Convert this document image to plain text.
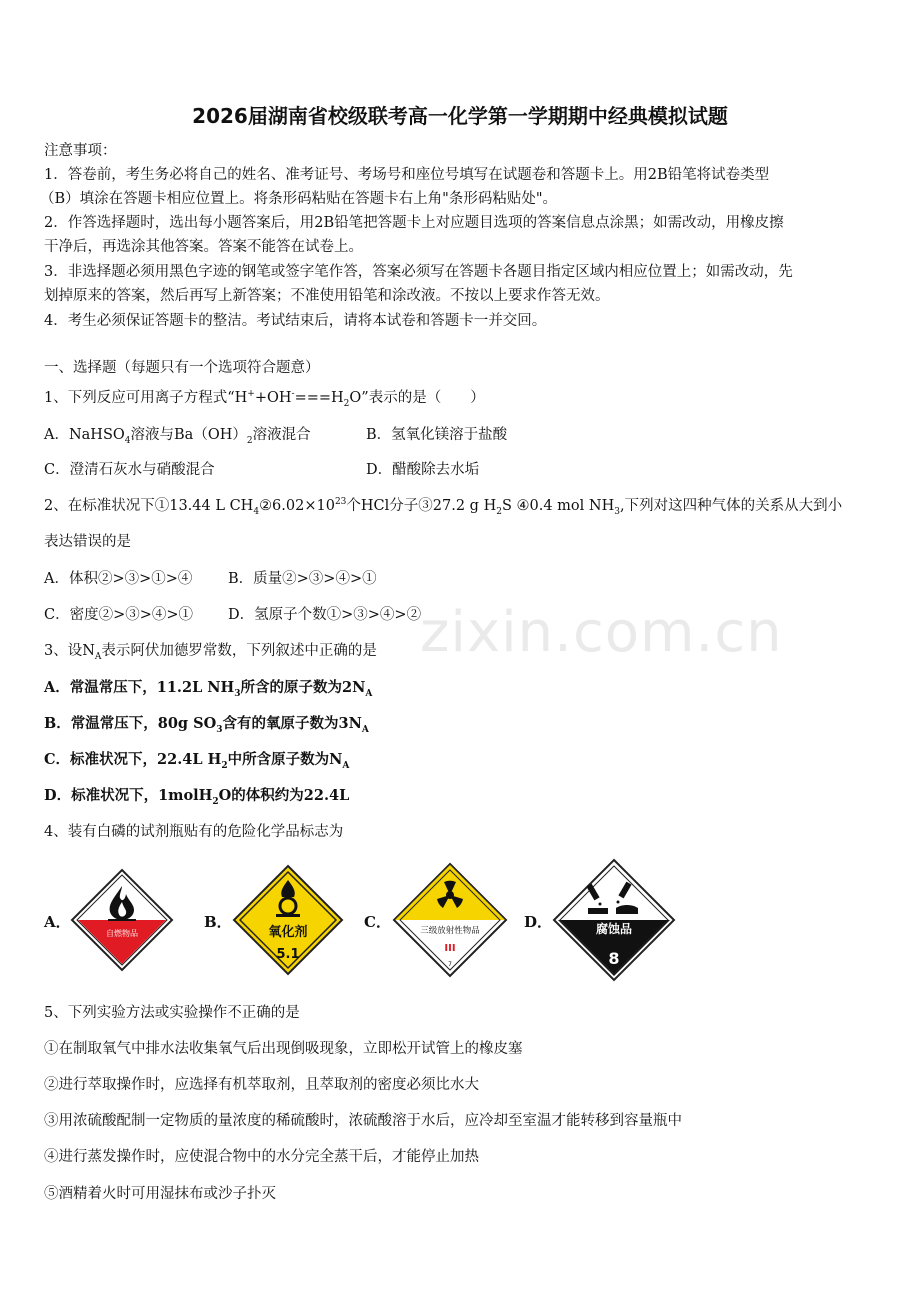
zixin.com.cn
2026届湖南省校级联考高一化学第一学期期中经典模拟试题
注意事项：
1．答卷前，考生务必将自己的姓名、准考证号、考场号和座位号填写在试题卷和答题卡上。用2B铅笔将试卷类型
（B）填涂在答题卡相应位置上。将条形码粘贴在答题卡右上角"条形码粘贴处"。
2．作答选择题时，选出每小题答案后，用2B铅笔把答题卡上对应题目选项的答案信息点涂黑；如需改动，用橡皮擦
干净后，再选涂其他答案。答案不能答在试卷上。
3．非选择题必须用黑色字迹的钢笔或签字笔作答，答案必须写在答题卡各题目指定区域内相应位置上；如需改动，先
划掉原来的答案，然后再写上新答案；不准使用铅笔和涂改液。不按以上要求作答无效。
4．考生必须保证答题卡的整洁。考试结束后，请将本试卷和答题卡一并交回。
一、选择题（每题只有一个选项符合题意）
1、下列反应可用离子方程式“$H^++OH^-===H_2O$”表示的是（　　）
A．NaHSO$_4$溶液与$Ba(OH)_2$溶液混合	B．氢氧化镁溶于盐酸
C．澄清石灰水与硝酸混合	D．醋酸除去水垢
2、在标准状况下①13.44 L $CH_4②6.02\times 10^{23}$个HCl分子③27.2 g $H_2S$ ④0.4 mol $NH_3$,下列对这四种气体的关系从大到小
表达错误的是
A．体积②>③>①>④ B．质量②>③>④>①
C．密度②>③>④>① D．氢原子个数①>③>④>②
3、设$N_A$表示阿伏加德罗常数，下列叙述中正确的是
A．常温常压下，11.2L $NH_3$所含的原子数为$2N_A$
B．常温常压下，80g $SO_3$含有的氧原子数为$3N_A$
C．标准状况下，22.4L $H_2$中所含原子数为$N_A$
D．标准状况下，1molH$_2$O的体积约为22.4L
4、装有白磷的试剂瓶贴有的危险化学品标志为
A．
自燃物品
B．
氧化剂
5.1
C．	三级放射性物品
III
7
D．	腐蚀品
8
5、下列实验方法或实验操作不正确的是
①在制取氧气中排水法收集氧气后出现倒吸现象，立即松开试管上的橡皮塞
②进行萃取操作时，应选择有机萃取剂，且萃取剂的密度必须比水大
③用浓硫酸配制一定物质的量浓度的稀硫酸时，浓硫酸溶于水后，应冷却至室温才能转移到容量瓶中
④进行蒸发操作时，应使混合物中的水分完全蒸干后，才能停止加热
⑤酒精着火时可用湿抹布或沙子扑灭
